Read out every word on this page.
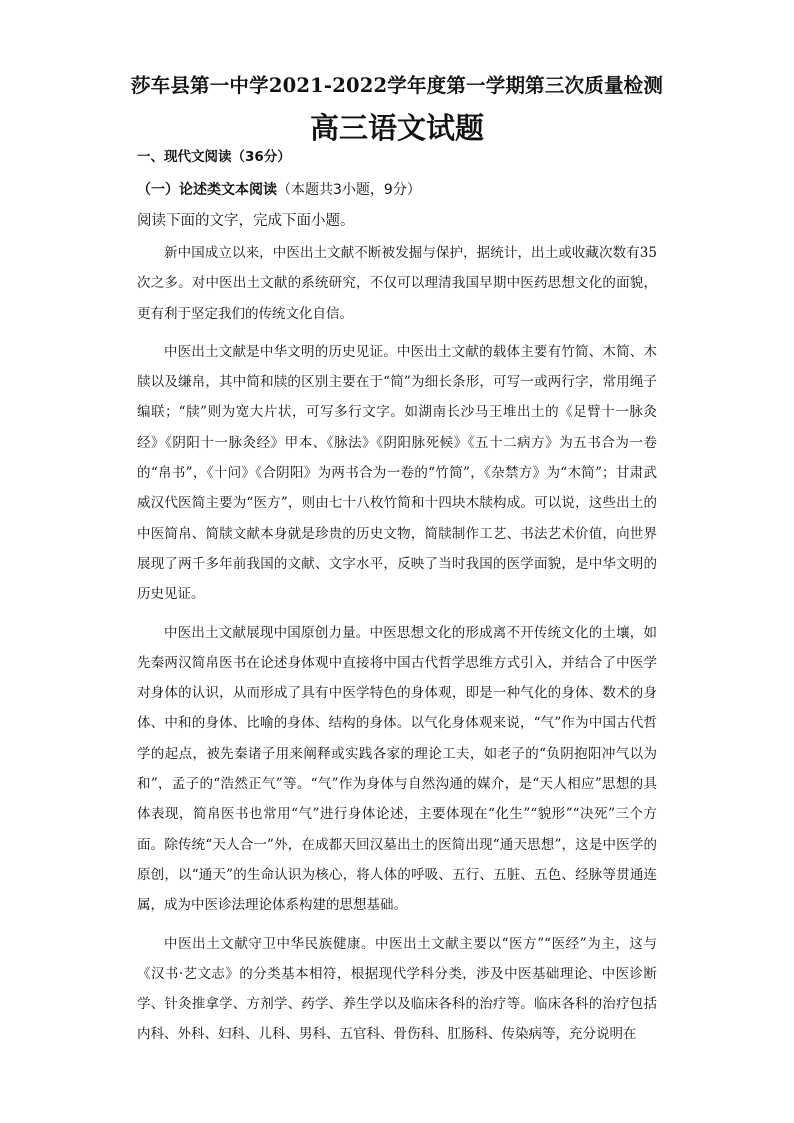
莎车县第一中学2021-2022学年度第一学期第三次质量检测
高三语文试题
一、现代文阅读（36分）
（一）论述类文本阅读（本题共3小题，9分）
阅读下面的文字，完成下面小题。

新中国成立以来，中医出土文献不断被发掘与保护，据统计，出土或收藏次数有35次之多。对中医出土文献的系统研究，不仅可以理清我国早期中医药思想文化的面貌，更有利于坚定我们的传统文化自信。

中医出土文献是中华文明的历史见证。中医出土文献的载体主要有竹简、木简、木牍以及缣帛，其中简和牍的区别主要在于“简”为细长条形，可写一或两行字，常用绳子编联；“牍”则为宽大片状，可写多行文字。如湖南长沙马王堆出土的《足臂十一脉灸经》《阴阳十一脉灸经》甲本、《脉法》《阴阳脉死候》《五十二病方》为五书合为一卷的“帛书”，《十问》《合阴阳》为两书合为一卷的“竹简”，《杂禁方》为“木简”；甘肃武威汉代医简主要为“医方”，则由七十八枚竹简和十四块木牍构成。可以说，这些出土的中医简帛、简牍文献本身就是珍贵的历史文物，简牍制作工艺、书法艺术价值，向世界展现了两千多年前我国的文献、文字水平，反映了当时我国的医学面貌，是中华文明的历史见证。

中医出土文献展现中国原创力量。中医思想文化的形成离不开传统文化的土壤，如先秦两汉简帛医书在论述身体观中直接将中国古代哲学思维方式引入，并结合了中医学对身体的认识，从而形成了具有中医学特色的身体观，即是一种气化的身体、数术的身体、中和的身体、比喻的身体、结构的身体。以气化身体观来说，“气”作为中国古代哲学的起点，被先秦诸子用来阐释或实践各家的理论工夫，如老子的“负阴抱阳冲气以为和”，孟子的“浩然正气”等。“气”作为身体与自然沟通的媒介，是“天人相应”思想的具体表现，简帛医书也常用“气”进行身体论述，主要体现在“化生”“貌形”“决死”三个方面。除传统“天人合一”外，在成都天回汉墓出土的医简出现“通天思想”，这是中医学的原创，以“通天”的生命认识为核心，将人体的呼吸、五行、五脏、五色、经脉等贯通连属，成为中医诊法理论体系构建的思想基础。

中医出土文献守卫中华民族健康。中医出土文献主要以“医方”“医经”为主，这与《汉书·艺文志》的分类基本相符，根据现代学科分类，涉及中医基础理论、中医诊断学、针灸推拿学、方剂学、药学、养生学以及临床各科的治疗等。临床各科的治疗包括内科、外科、妇科、儿科、男科、五官科、骨伤科、肛肠科、传染病等，充分说明在
